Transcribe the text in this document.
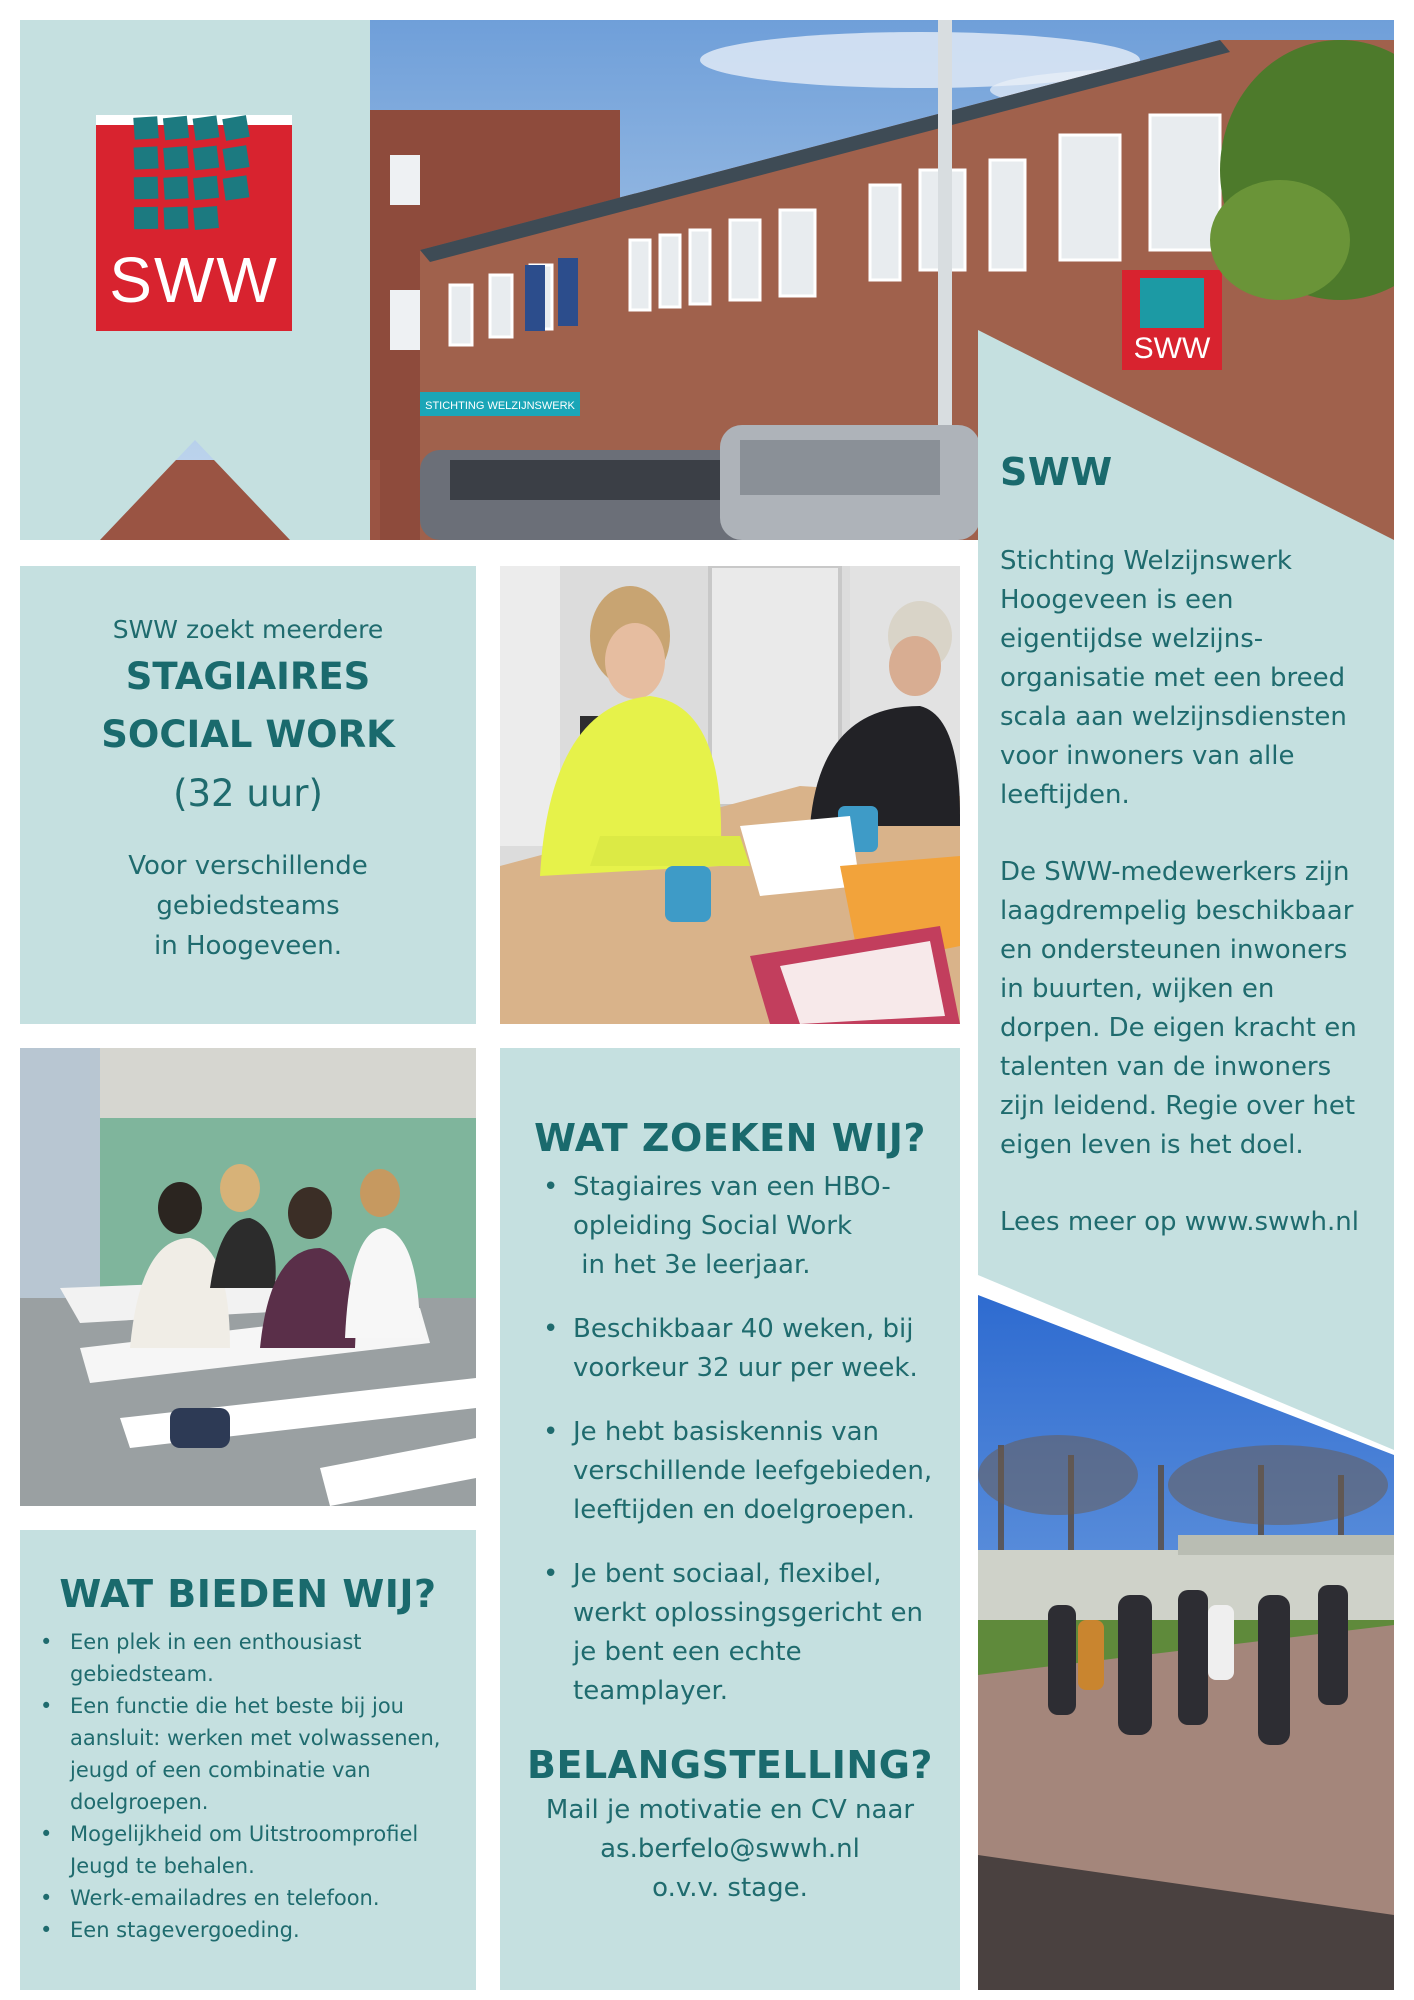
STICHTING WELZIJNSWERK
SWW
SWW
SWW
Stichting Welzijnswerk
Hoogeveen is een
eigentijdse welzijns-
organisatie met een breed
scala aan welzijnsdiensten
voor inwoners van alle
leeftijden.
De SWW-medewerkers zijn
laagdrempelig beschikbaar
en ondersteunen inwoners
in buurten, wijken en
dorpen. De eigen kracht en
talenten van de inwoners
zijn leidend. Regie over het
eigen leven is het doel.
Lees meer op www.swwh.nl
SWW zoekt meerdere
STAGIAIRES
SOCIAL WORK
(32 uur)
Voor verschillende
gebiedsteams
in Hoogeveen.
WAT ZOEKEN WIJ?
• Stagiaires van een HBO-
opleiding Social Work
in het 3e leerjaar.
• Beschikbaar 40 weken, bij
voorkeur 32 uur per week.
• Je hebt basiskennis van
verschillende leefgebieden,
leeftijden en doelgroepen.
• Je bent sociaal, flexibel,
werkt oplossingsgericht en
je bent een echte
teamplayer.
BELANGSTELLING?
Mail je motivatie en CV naar
as.berfelo@swwh.nl
o.v.v. stage.
WAT BIEDEN WIJ?
• Een plek in een enthousiast
gebiedsteam.
• Een functie die het beste bij jou
aansluit: werken met volwassenen,
jeugd of een combinatie van
doelgroepen.
• Mogelijkheid om Uitstroomprofiel
Jeugd te behalen.
• Werk-emailadres en telefoon.
• Een stagevergoeding.
